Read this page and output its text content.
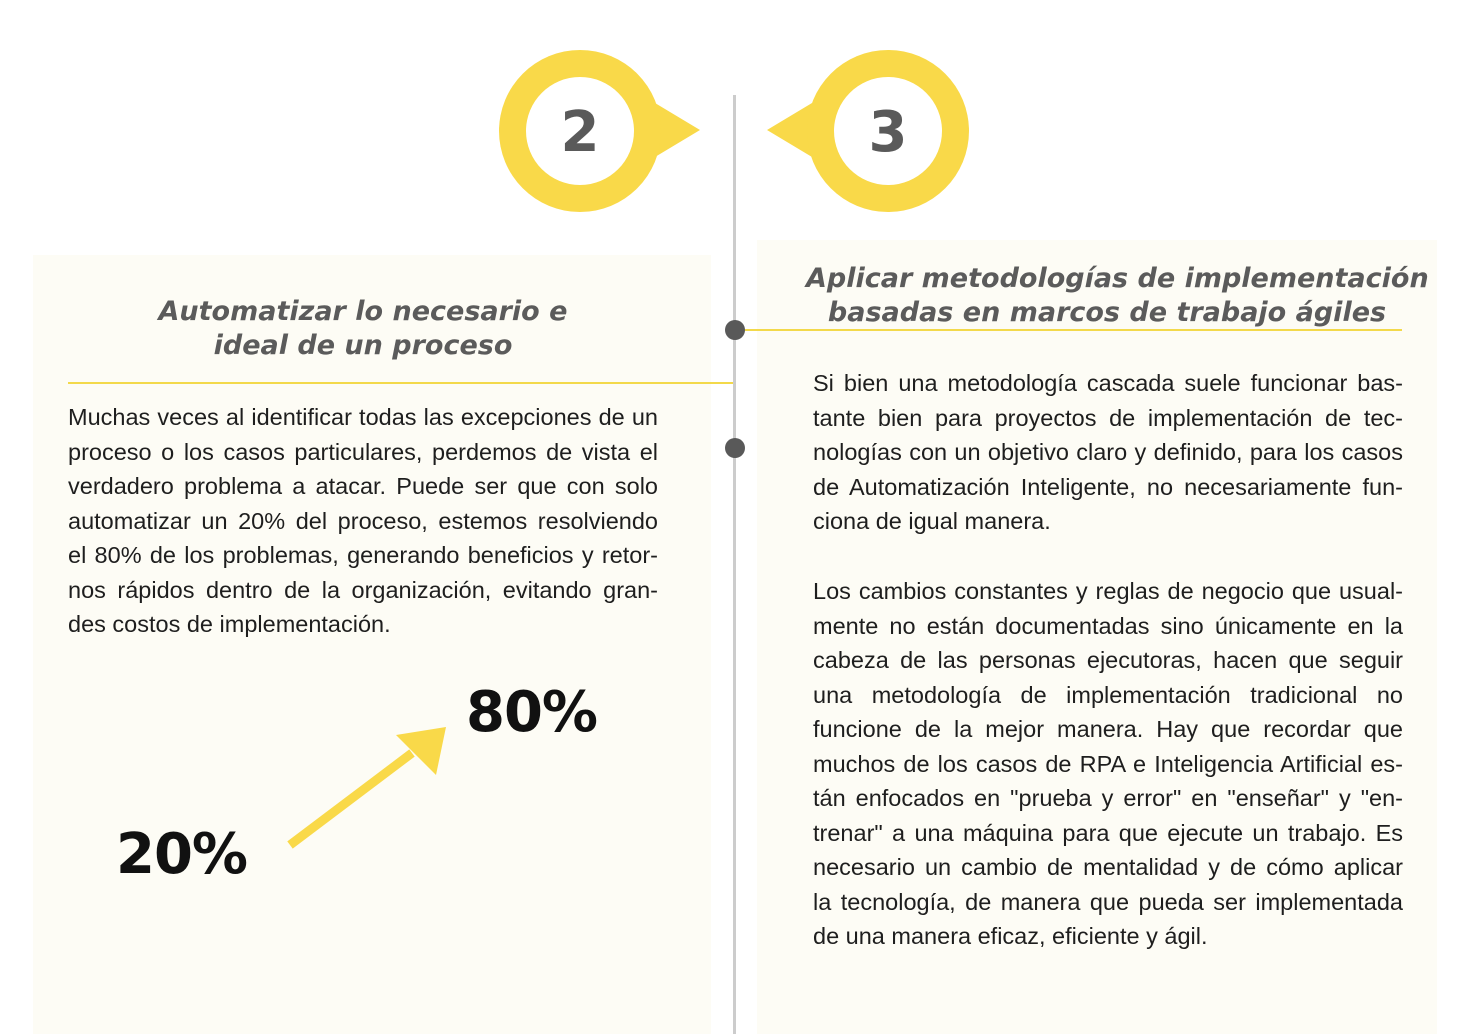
2	3
Automatizar lo necesario e
ideal de un proceso
Muchas veces al identificar todas las excepciones de un
proceso o los casos particulares, perdemos de vista el
verdadero problema a atacar. Puede ser que con solo
automatizar un 20% del proceso, estemos resolviendo
el 80% de los problemas, generando beneficios y retor-
nos rápidos dentro de la organización, evitando gran-
des costos de implementación.
80%
20%
Aplicar metodologías de implementación
basadas en marcos de trabajo ágiles
Si bien una metodología cascada suele funcionar bas-
tante bien para proyectos de implementación de tec-
nologías con un objetivo claro y definido, para los casos
de Automatización Inteligente, no necesariamente fun-
ciona de igual manera.
Los cambios constantes y reglas de negocio que usual-
mente no están documentadas sino únicamente en la
cabeza de las personas ejecutoras, hacen que seguir
una metodología de implementación tradicional no
funcione de la mejor manera. Hay que recordar que
muchos de los casos de RPA e Inteligencia Artificial es-
tán enfocados en "prueba y error" en "enseñar" y "en-
trenar" a una máquina para que ejecute un trabajo. Es
necesario un cambio de mentalidad y de cómo aplicar
la tecnología, de manera que pueda ser implementada
de una manera eficaz, eficiente y ágil.
